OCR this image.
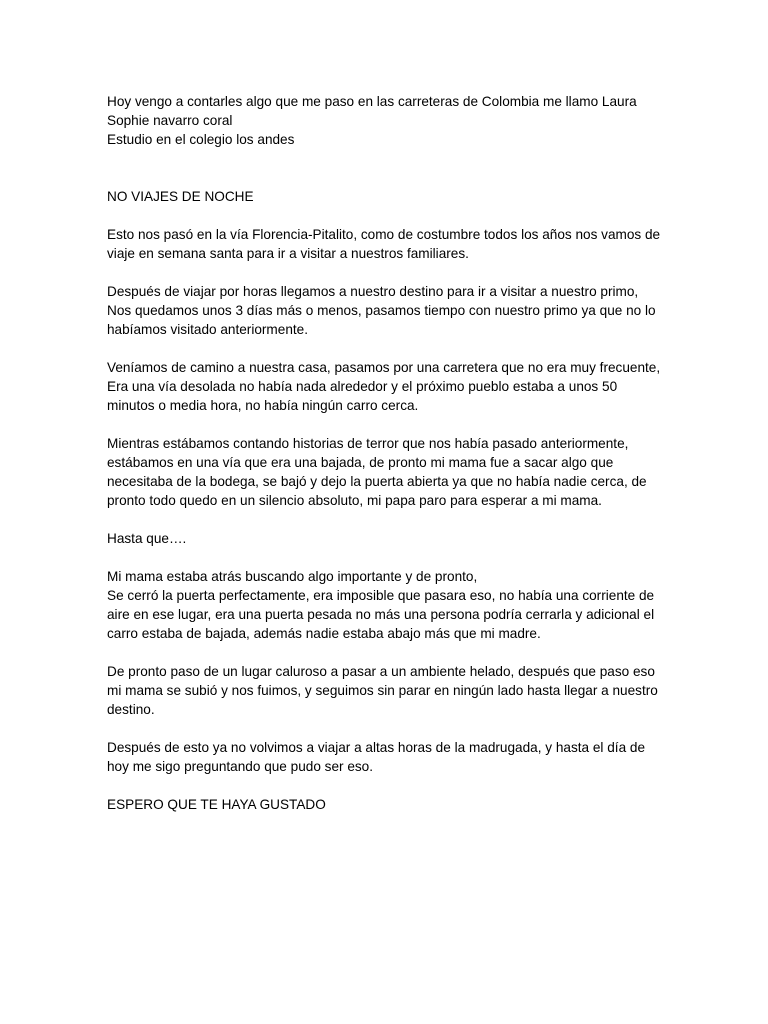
Hoy vengo a contarles algo que me paso en las carreteras de Colombia me llamo Laura
Sophie navarro coral
Estudio en el colegio los andes
NO VIAJES DE NOCHE
Esto nos pasó en la vía Florencia-Pitalito, como de costumbre todos los años nos vamos de
viaje en semana santa para ir a visitar a nuestros familiares.
Después de viajar por horas llegamos a nuestro destino para ir a visitar a nuestro primo,
Nos quedamos unos 3 días más o menos, pasamos tiempo con nuestro primo ya que no lo
habíamos visitado anteriormente.
Veníamos de camino a nuestra casa, pasamos por una carretera que no era muy frecuente,
Era una vía desolada no había nada alrededor y el próximo pueblo estaba a unos 50
minutos o media hora, no había ningún carro cerca.
Mientras estábamos contando historias de terror que nos había pasado anteriormente,
estábamos en una vía que era una bajada, de pronto mi mama fue a sacar algo que
necesitaba de la bodega, se bajó y dejo la puerta abierta ya que no había nadie cerca, de
pronto todo quedo en un silencio absoluto, mi papa paro para esperar a mi mama.
Hasta que….
Mi mama estaba atrás buscando algo importante y de pronto,
Se cerró la puerta perfectamente, era imposible que pasara eso, no había una corriente de
aire en ese lugar, era una puerta pesada no más una persona podría cerrarla y adicional el
carro estaba de bajada, además nadie estaba abajo más que mi madre.
De pronto paso de un lugar caluroso a pasar a un ambiente helado, después que paso eso
mi mama se subió y nos fuimos, y seguimos sin parar en ningún lado hasta llegar a nuestro
destino.
Después de esto ya no volvimos a viajar a altas horas de la madrugada, y hasta el día de
hoy me sigo preguntando que pudo ser eso.
ESPERO QUE TE HAYA GUSTADO
